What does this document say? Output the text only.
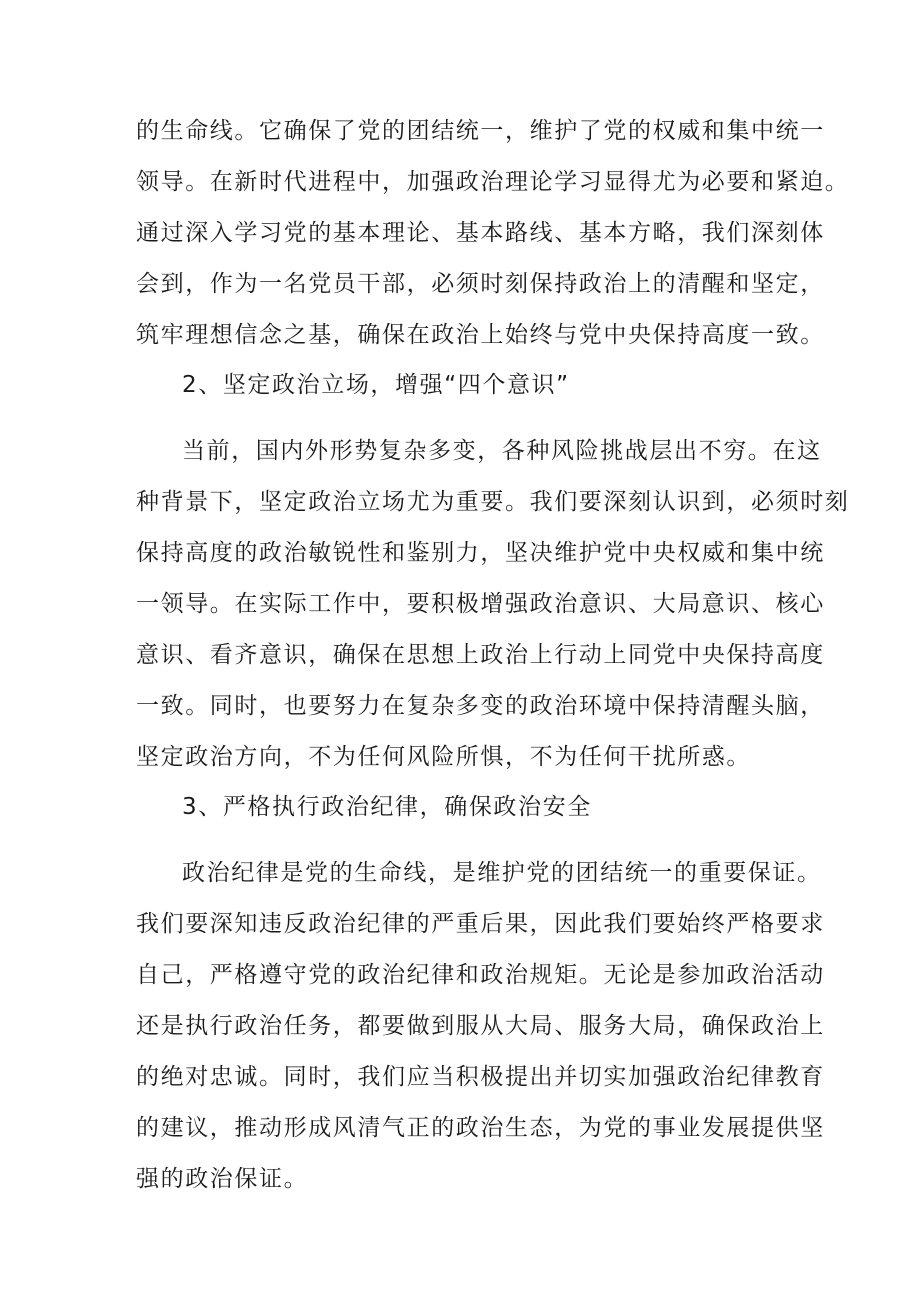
的生命线。它确保了党的团结统一，维护了党的权威和集中统一
领导。在新时代进程中，加强政治理论学习显得尤为必要和紧迫。
通过深入学习党的基本理论、基本路线、基本方略，我们深刻体
会到，作为一名党员干部，必须时刻保持政治上的清醒和坚定，
筑牢理想信念之基，确保在政治上始终与党中央保持高度一致。
2、坚定政治立场，增强“四个意识”
当前，国内外形势复杂多变，各种风险挑战层出不穷。在这
种背景下，坚定政治立场尤为重要。我们要深刻认识到，必须时刻
保持高度的政治敏锐性和鉴别力，坚决维护党中央权威和集中统
一领导。在实际工作中，要积极增强政治意识、大局意识、核心
意识、看齐意识，确保在思想上政治上行动上同党中央保持高度
一致。同时，也要努力在复杂多变的政治环境中保持清醒头脑，
坚定政治方向，不为任何风险所惧，不为任何干扰所惑。
3、严格执行政治纪律，确保政治安全
政治纪律是党的生命线，是维护党的团结统一的重要保证。
我们要深知违反政治纪律的严重后果，因此我们要始终严格要求
自己，严格遵守党的政治纪律和政治规矩。无论是参加政治活动
还是执行政治任务，都要做到服从大局、服务大局，确保政治上
的绝对忠诚。同时，我们应当积极提出并切实加强政治纪律教育
的建议，推动形成风清气正的政治生态，为党的事业发展提供坚
强的政治保证。
